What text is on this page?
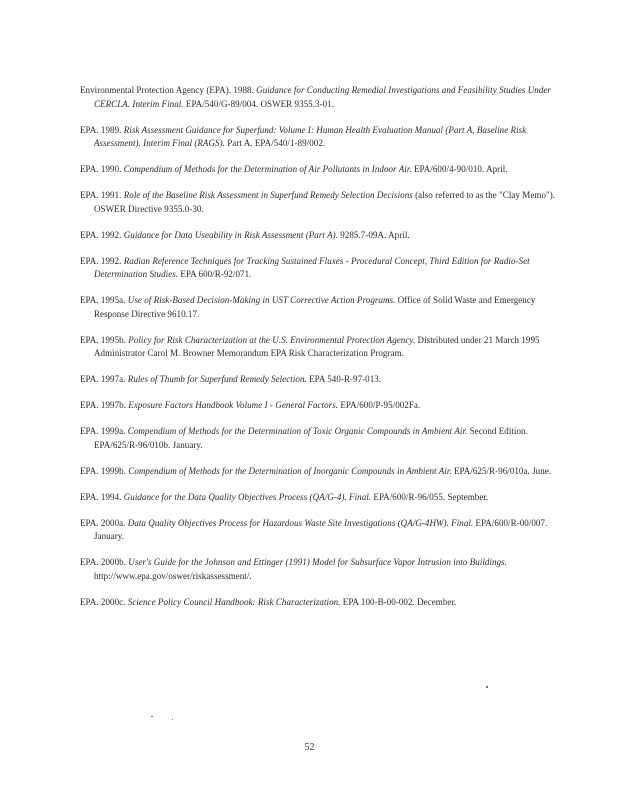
Environmental Protection Agency (EPA). 1988. Guidance for Conducting Remedial Investigations and Feasibility Studies Under CERCLA. Interim Final. EPA/540/G-89/004. OSWER 9355.3-01.

EPA. 1989. Risk Assessment Guidance for Superfund: Volume I: Human Health Evaluation Manual (Part A, Baseline Risk Assessment). Interim Final (RAGS). Part A. EPA/540/1-89/002.

EPA. 1990. Compendium of Methods for the Determination of Air Pollutants in Indoor Air. EPA/600/4-90/010. April.

EPA. 1991. Role of the Baseline Risk Assessment in Superfund Remedy Selection Decisions (also referred to as the "Clay Memo"). OSWER Directive 9355.0-30.

EPA. 1992. Guidance for Data Useability in Risk Assessment (Part A). 9285.7-09A. April.

EPA. 1992. Radian Reference Techniques for Tracking Sustained Fluxes - Procedural Concept, Third Edition for Radio-Set Determination Studies. EPA 600/R-92/071.

EPA. 1995a. Use of Risk-Based Decision-Making in UST Corrective Action Programs. Office of Solid Waste and Emergency Response Directive 9610.17.

EPA. 1995b. Policy for Risk Characterization at the U.S. Environmental Protection Agency. Distributed under 21 March 1995 Administrator Carol M. Browner Memorandum EPA Risk Characterization Program.

EPA. 1997a. Rules of Thumb for Superfund Remedy Selection. EPA 540-R-97-013.

EPA. 1997b. Exposure Factors Handbook Volume I - General Factors. EPA/600/P-95/002Fa.

EPA. 1999a. Compendium of Methods for the Determination of Toxic Organic Compounds in Ambient Air. Second Edition. EPA/625/R-96/010b. January.

EPA. 1999b. Compendium of Methods for the Determination of Inorganic Compounds in Ambient Air. EPA/625/R-96/010a. June.

EPA. 1994. Guidance for the Data Quality Objectives Process (QA/G-4). Final. EPA/600/R-96/055. September.

EPA. 2000a. Data Quality Objectives Process for Hazardous Waste Site Investigations (QA/G-4HW). Final. EPA/600/R-00/007. January.

EPA. 2000b. User's Guide for the Johnson and Ettinger (1991) Model for Subsurface Vapor Intrusion into Buildings. http://www.epa.gov/oswer/riskassessment/.

EPA. 2000c. Science Policy Council Handbook: Risk Characterization. EPA 100-B-00-002. December.

52
